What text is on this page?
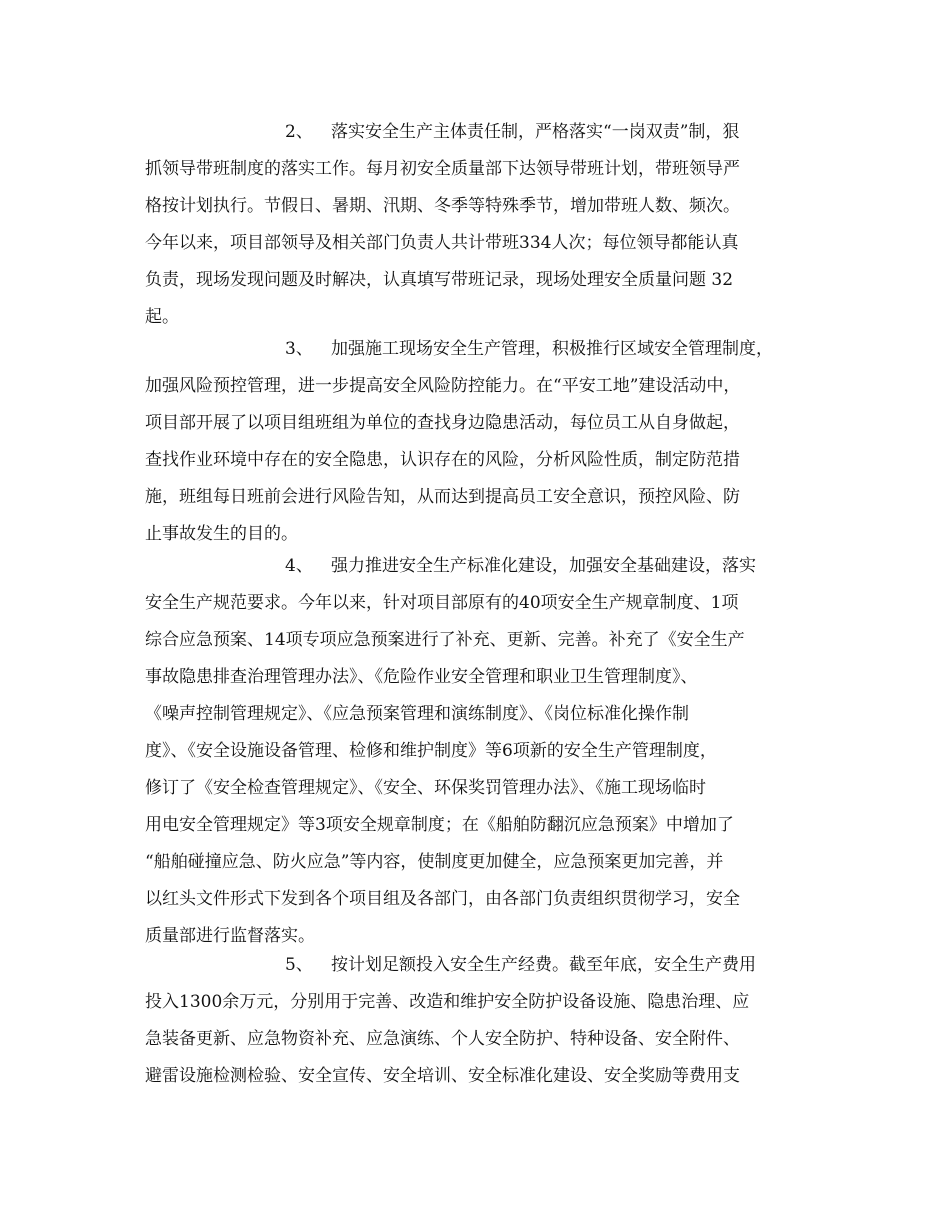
2、 落实安全生产主体责任制，严格落实“一岗双责”制，狠
抓领导带班制度的落实工作。每月初安全质量部下达领导带班计划，带班领导严
格按计划执行。节假日、暑期、汛期、冬季等特殊季节，增加带班人数、频次。
今年以来，项目部领导及相关部门负责人共计带班334人次；每位领导都能认真
负责，现场发现问题及时解决，认真填写带班记录，现场处理安全质量问题 32
起。
3、 加强施工现场安全生产管理，积极推行区域安全管理制度，
加强风险预控管理，进一步提高安全风险防控能力。在“平安工地”建设活动中，
项目部开展了以项目组班组为单位的查找身边隐患活动，每位员工从自身做起，
查找作业环境中存在的安全隐患，认识存在的风险，分析风险性质，制定防范措
施，班组每日班前会进行风险告知，从而达到提高员工安全意识，预控风险、防
止事故发生的目的。
4、 强力推进安全生产标准化建设，加强安全基础建设，落实
安全生产规范要求。今年以来，针对项目部原有的40项安全生产规章制度、1项
综合应急预案、14项专项应急预案进行了补充、更新、完善。补充了《安全生产
事故隐患排查治理管理办法》、《危险作业安全管理和职业卫生管理制度》、
《噪声控制管理规定》、《应急预案管理和演练制度》、《岗位标准化操作制
度》、《安全设施设备管理、检修和维护制度》等6项新的安全生产管理制度，
修订了《安全检查管理规定》、《安全、环保奖罚管理办法》、《施工现场临时
用电安全管理规定》等3项安全规章制度；在《船舶防翻沉应急预案》中增加了
“船舶碰撞应急、防火应急”等内容，使制度更加健全，应急预案更加完善，并
以红头文件形式下发到各个项目组及各部门，由各部门负责组织贯彻学习，安全
质量部进行监督落实。
5、 按计划足额投入安全生产经费。截至年底，安全生产费用
投入1300余万元，分别用于完善、改造和维护安全防护设备设施、隐患治理、应
急装备更新、应急物资补充、应急演练、个人安全防护、特种设备、安全附件、
避雷设施检测检验、安全宣传、安全培训、安全标准化建设、安全奖励等费用支
